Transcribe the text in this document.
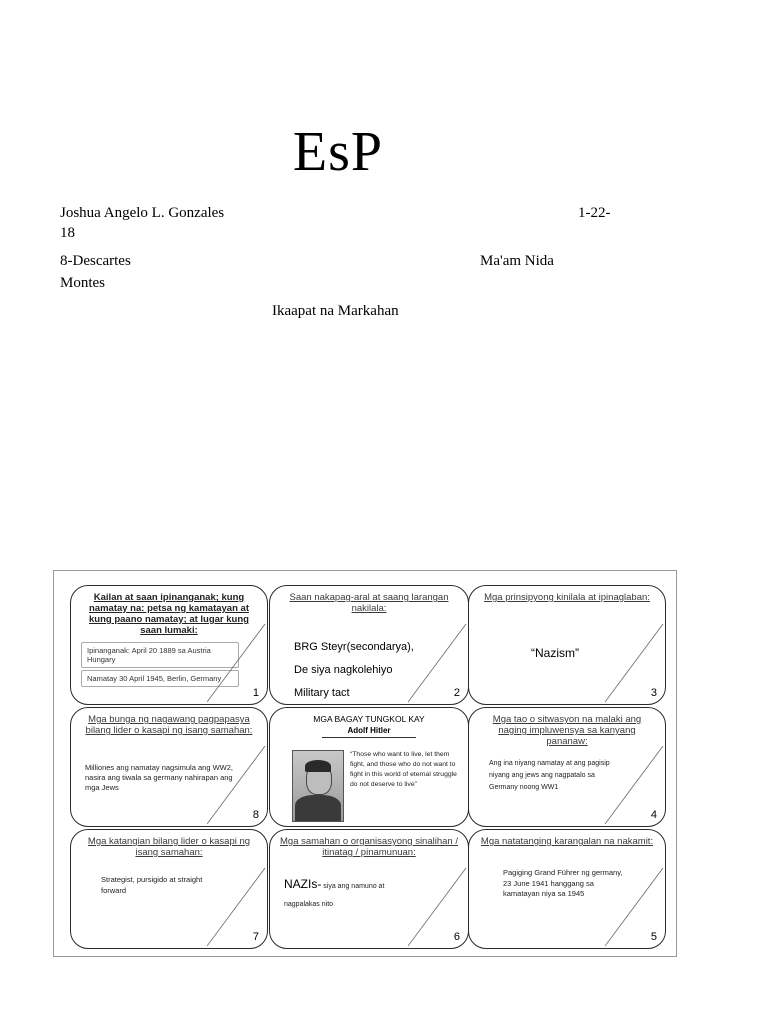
EsP
Joshua Angelo L. Gonzales	1-22-
18
8-Descartes	Ma'am Nida
Montes
Ikaapat na Markahan
Kailan at saan ipinanganak; kung namatay na: petsa ng kamatayan at kung paano namatay; at lugar kung saan lumaki:
Ipinanganak: April 20 1889 sa Austria Hungary
Namatay 30 April 1945, Berlin, Germany
1
Saan nakapag-aral at saang larangan nakilala:
BRG Steyr(secondarya),
De siya nagkolehiyo
Military tact	2
Mga prinsipyong kinilala at ipinaglaban:
“Nazism”
3
Mga bunga ng nagawang pagpapasya bilang lider o kasapi ng isang samahan:
Milliones ang namatay nagsimula ang WW2, nasira ang tiwala sa germany nahirapan ang mga Jews
8
MGA BAGAY TUNGKOL KAY
Adolf Hitler
“Those who want to live, let them fight, and those who do not want to fight in this world of eternal struggle do not deserve to live”
Mga tao o sitwasyon na malaki ang naging impluwensya sa kanyang pananaw:
Ang ina niyang namatay at ang pagisip niyang ang jews ang nagpatalo sa Germany noong WW1
4
Mga katangian bilang lider o kasapi ng isang samahan:
Strategist, pursigido at straight forward
7
Mga samahan o organisasyong sinalihan / itinatag / pinamunuan:
NAZIs- siya ang namuno at nagpalakas nito
6
Mga natatanging karangalan na nakamit:
Pagiging Grand Führer ng germany, 23 June 1941 hanggang sa kamatayan niya sa 1945
5
